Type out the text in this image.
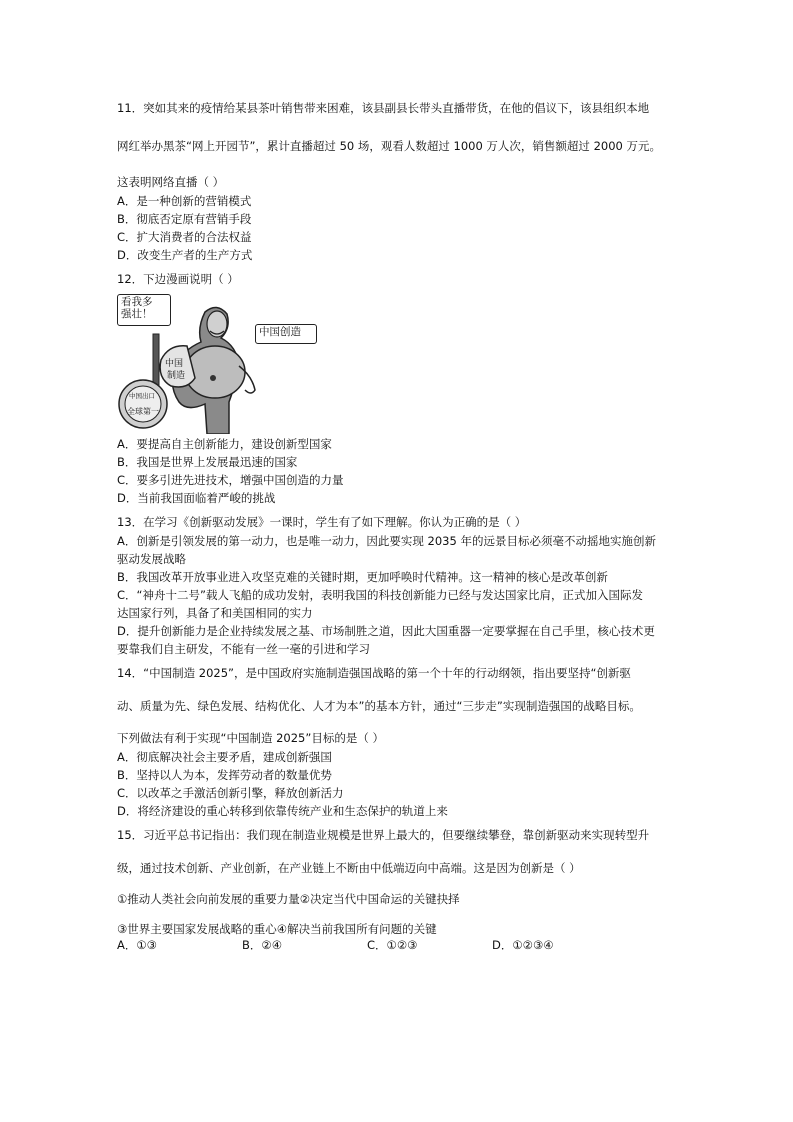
11．突如其来的疫情给某县茶叶销售带来困难，该县副县长带头直播带货，在他的倡议下，该县组织本地
网红举办黑茶“网上开园节”，累计直播超过 50 场，观看人数超过 1000 万人次，销售额超过 2000 万元。
这表明网络直播（ ）
A．是一种创新的营销模式
B．彻底否定原有营销手段
C．扩大消费者的合法权益
D．改变生产者的生产方式
12．下边漫画说明（ ）
中国
制造
中国出口
全球第一
看我多
强壮！
中国创造
A．要提高自主创新能力，建设创新型国家
B．我国是世界上发展最迅速的国家
C．要多引进先进技术，增强中国创造的力量
D．当前我国面临着严峻的挑战
13．在学习《创新驱动发展》一课时，学生有了如下理解。你认为正确的是（ ）
A．创新是引领发展的第一动力，也是唯一动力，因此要实现 2035 年的远景目标必须毫不动摇地实施创新
驱动发展战略
B．我国改革开放事业进入攻坚克难的关键时期，更加呼唤时代精神。这一精神的核心是改革创新
C．“神舟十二号”载人飞船的成功发射，表明我国的科技创新能力已经与发达国家比肩，正式加入国际发
达国家行列，具备了和美国相同的实力
D．提升创新能力是企业持续发展之基、市场制胜之道，因此大国重器一定要掌握在自己手里，核心技术更
要靠我们自主研发，不能有一丝一毫的引进和学习
14．“中国制造 2025”，是中国政府实施制造强国战略的第一个十年的行动纲领，指出要坚持“创新驱
动、质量为先、绿色发展、结构优化、人才为本”的基本方针，通过“三步走”实现制造强国的战略目标。
下列做法有利于实现“中国制造 2025”目标的是（ ）
A．彻底解决社会主要矛盾，建成创新强国
B．坚持以人为本，发挥劳动者的数量优势
C．以改革之手激活创新引擎，释放创新活力
D．将经济建设的重心转移到依靠传统产业和生态保护的轨道上来
15．习近平总书记指出：我们现在制造业规模是世界上最大的，但要继续攀登，靠创新驱动来实现转型升
级，通过技术创新、产业创新，在产业链上不断由中低端迈向中高端。这是因为创新是（ ）
①推动人类社会向前发展的重要力量②决定当代中国命运的关键抉择
③世界主要国家发展战略的重心④解决当前我国所有问题的关键
A．①③	B．②④	C．①②③	D．①②③④
